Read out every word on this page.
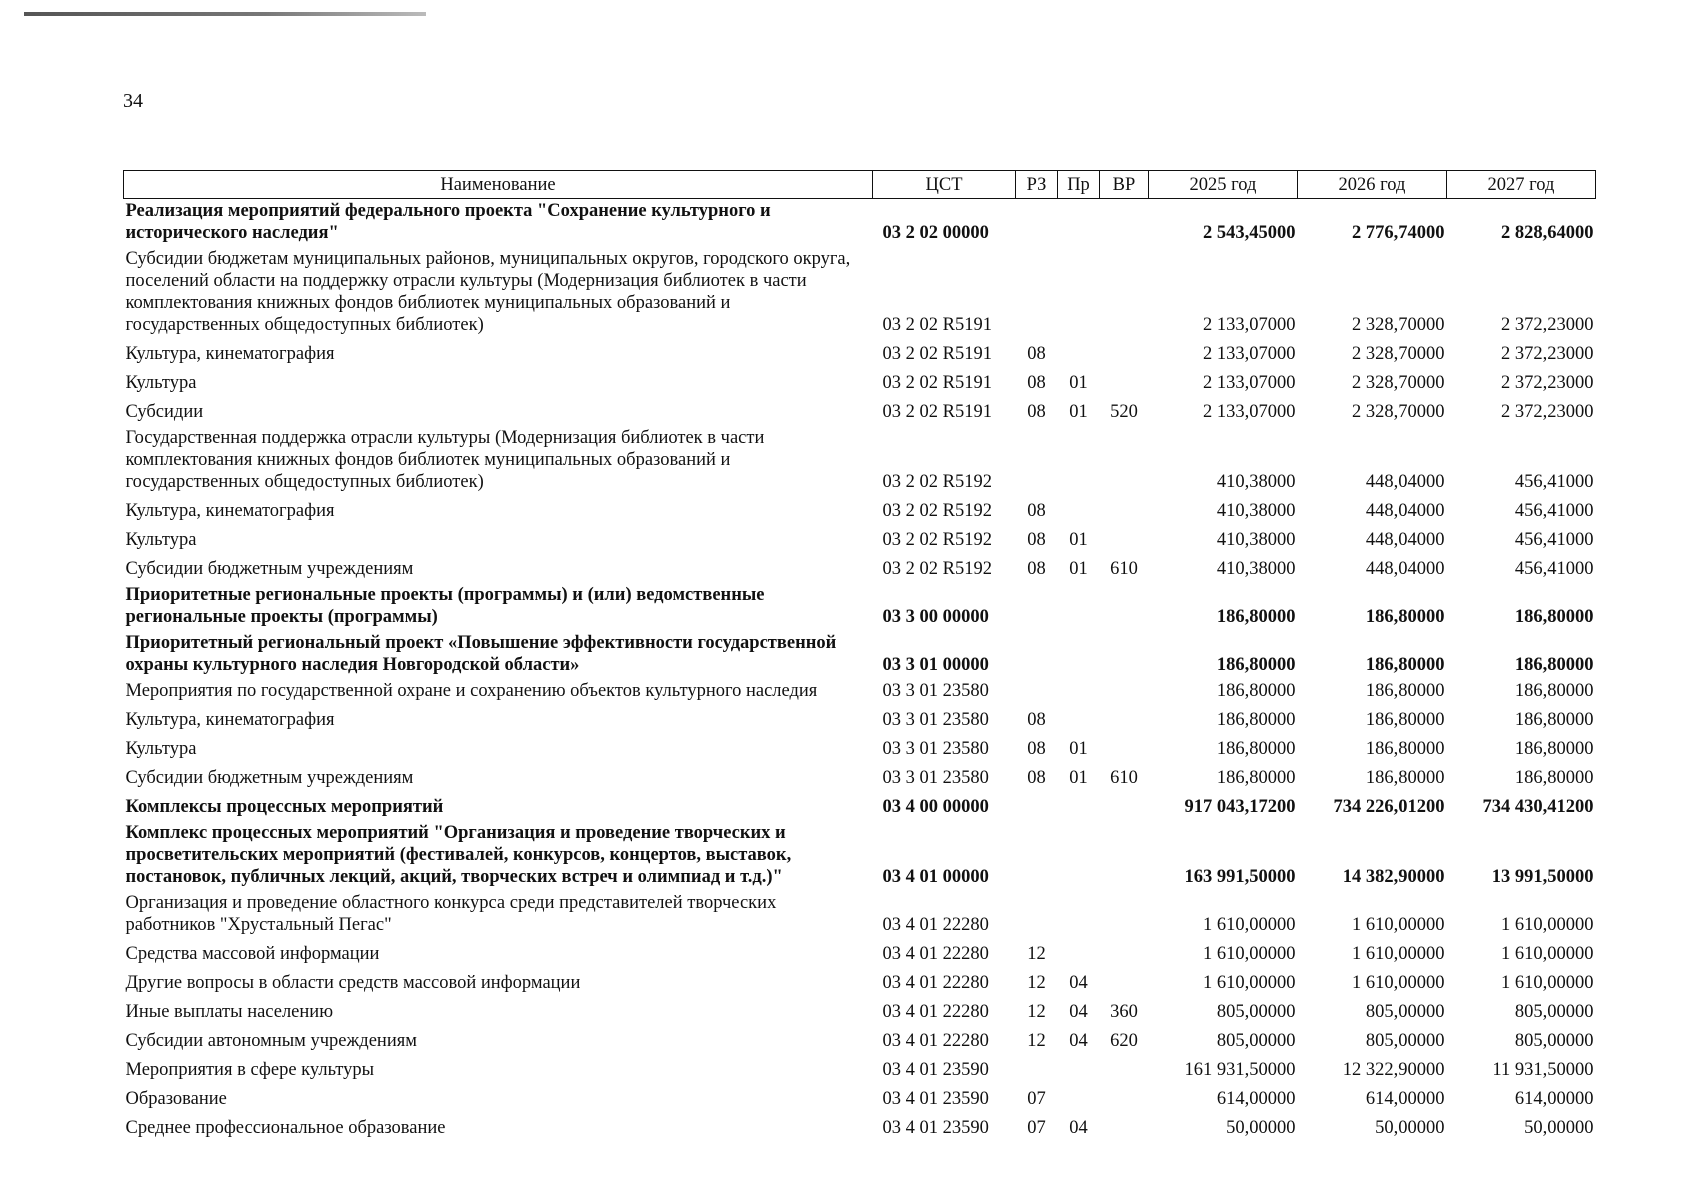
34
Наименование	ЦСТ	РЗ	Пр	ВР	2025 год	2026 год	2027 год
Реализация мероприятий федерального проекта "Сохранение культурного и исторического наследия"	03 2 02 00000				2 543,45000	2 776,74000	2 828,64000
Субсидии бюджетам муниципальных районов, муниципальных округов, городского округа, поселений области на поддержку отрасли культуры (Модернизация библиотек в части комплектования книжных фондов библиотек муниципальных образований и государственных общедоступных библиотек)	03 2 02 R5191				2 133,07000	2 328,70000	2 372,23000
Культура, кинематография	03 2 02 R5191	08			2 133,07000	2 328,70000	2 372,23000
Культура	03 2 02 R5191	08	01		2 133,07000	2 328,70000	2 372,23000
Субсидии	03 2 02 R5191	08	01	520	2 133,07000	2 328,70000	2 372,23000
Государственная поддержка отрасли культуры (Модернизация библиотек в части комплектования книжных фондов библиотек муниципальных образований и государственных общедоступных библиотек)	03 2 02 R5192				410,38000	448,04000	456,41000
Культура, кинематография	03 2 02 R5192	08			410,38000	448,04000	456,41000
Культура	03 2 02 R5192	08	01		410,38000	448,04000	456,41000
Субсидии бюджетным учреждениям	03 2 02 R5192	08	01	610	410,38000	448,04000	456,41000
Приоритетные региональные проекты (программы) и (или) ведомственные региональные проекты (программы)	03 3 00 00000				186,80000	186,80000	186,80000
Приоритетный региональный проект «Повышение эффективности государственной охраны культурного наследия Новгородской области»	03 3 01 00000				186,80000	186,80000	186,80000
Мероприятия по государственной охране и сохранению объектов культурного наследия	03 3 01 23580				186,80000	186,80000	186,80000
Культура, кинематография	03 3 01 23580	08			186,80000	186,80000	186,80000
Культура	03 3 01 23580	08	01		186,80000	186,80000	186,80000
Субсидии бюджетным учреждениям	03 3 01 23580	08	01	610	186,80000	186,80000	186,80000
Комплексы процессных мероприятий	03 4 00 00000				917 043,17200	734 226,01200	734 430,41200
Комплекс процессных мероприятий "Организация и проведение творческих и просветительских мероприятий (фестивалей, конкурсов, концертов, выставок, постановок, публичных лекций, акций, творческих встреч и олимпиад и т.д.)"	03 4 01 00000				163 991,50000	14 382,90000	13 991,50000
Организация и проведение областного конкурса среди представителей творческих работников "Хрустальный Пегас"	03 4 01 22280				1 610,00000	1 610,00000	1 610,00000
Средства массовой информации	03 4 01 22280	12			1 610,00000	1 610,00000	1 610,00000
Другие вопросы в области средств массовой информации	03 4 01 22280	12	04		1 610,00000	1 610,00000	1 610,00000
Иные выплаты населению	03 4 01 22280	12	04	360	805,00000	805,00000	805,00000
Субсидии автономным учреждениям	03 4 01 22280	12	04	620	805,00000	805,00000	805,00000
Мероприятия в сфере культуры	03 4 01 23590				161 931,50000	12 322,90000	11 931,50000
Образование	03 4 01 23590	07			614,00000	614,00000	614,00000
Среднее профессиональное образование	03 4 01 23590	07	04		50,00000	50,00000	50,00000
